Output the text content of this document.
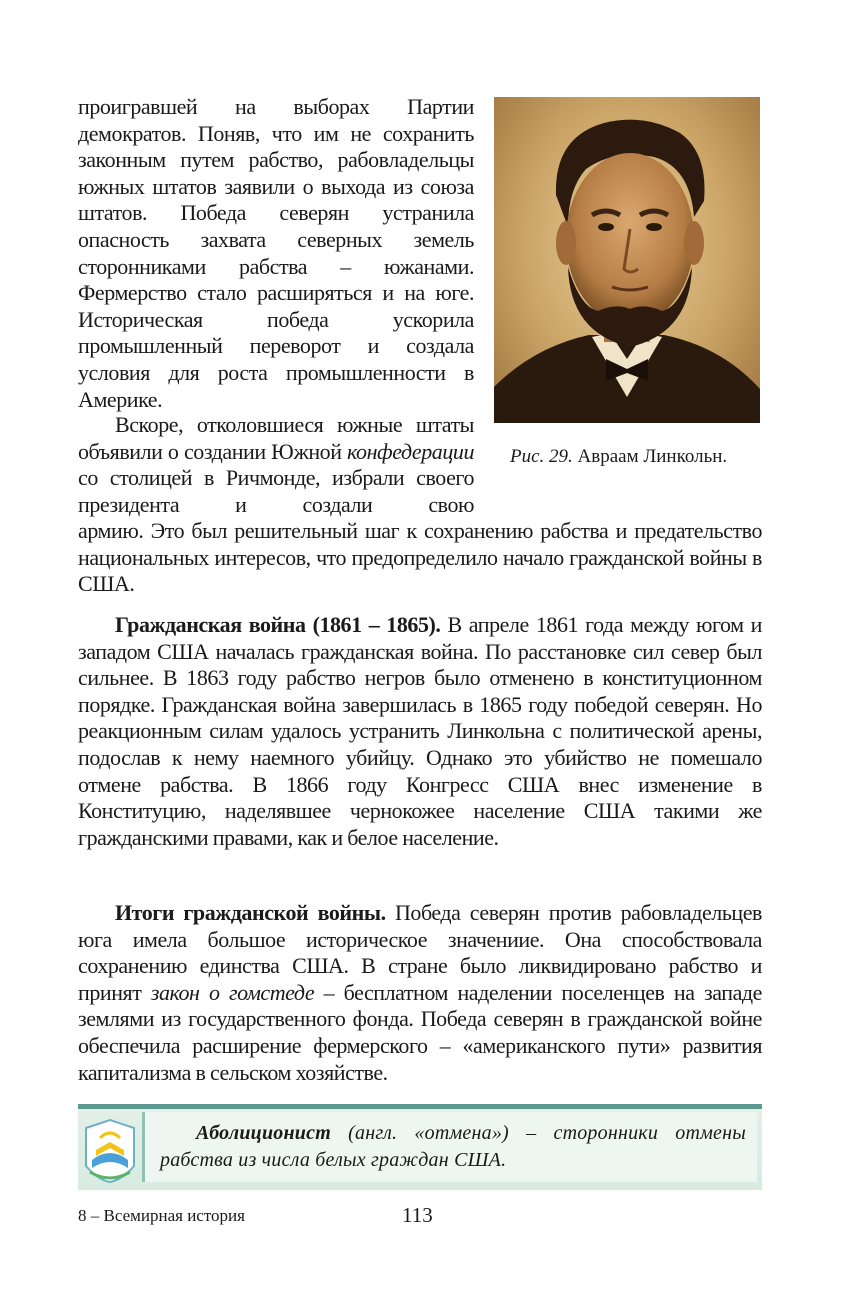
Рис. 29. Авраам Линкольн.

проигравшей на выборах Партии демократов. Поняв, что им не сохранить законным путем рабство, рабовладельцы южных штатов заявили о выхода из союза штатов. Победа северян устранила опасность захвата северных земель сторонниками рабства – южанами. Фермерство стало расширяться и на юге. Историческая победа ускорила промышленный переворот и создала условия для роста промышленности в Америке.

Вскоре, отколовшиеся южные штаты объявили о создании Южной конфедерации со столицей в Ричмонде, избрали своего президента и создали свою

армию. Это был решительный шаг к сохранению рабства и предательство национальных интересов, что предопределило начало гражданской войны в США.

Гражданская война (1861 – 1865). В апреле 1861 года между югом и западом США началась гражданская война. По расстановке сил север был сильнее. В 1863 году рабство негров было отменено в конституционном порядке. Гражданская война завершилась в 1865 году победой северян. Но реакционным силам удалось устранить Линкольна с политической арены, подослав к нему наемного убийцу. Однако это убийство не помешало отмене рабства. В 1866 году Конгресс США внес изменение в Конституцию, наделявшее чернокожее население США такими же гражданскими правами, как и белое население.

Итоги гражданской войны. Победа северян против рабовладельцев юга имела большое историческое значениие. Она способствовала сохранению единства США. В стране было ликвидировано рабство и принят закон о гомстеде – бесплатном наделении поселенцев на западе землями из государственного фонда. Победа северян в гражданской войне обеспечила расширение фермерского – «американского пути» развития капитализма в сельском хозяйстве.

Аболиционист (англ. «отмена») – сторонники отмены рабства из числа белых граждан США.

8 – Всемирная история	113
